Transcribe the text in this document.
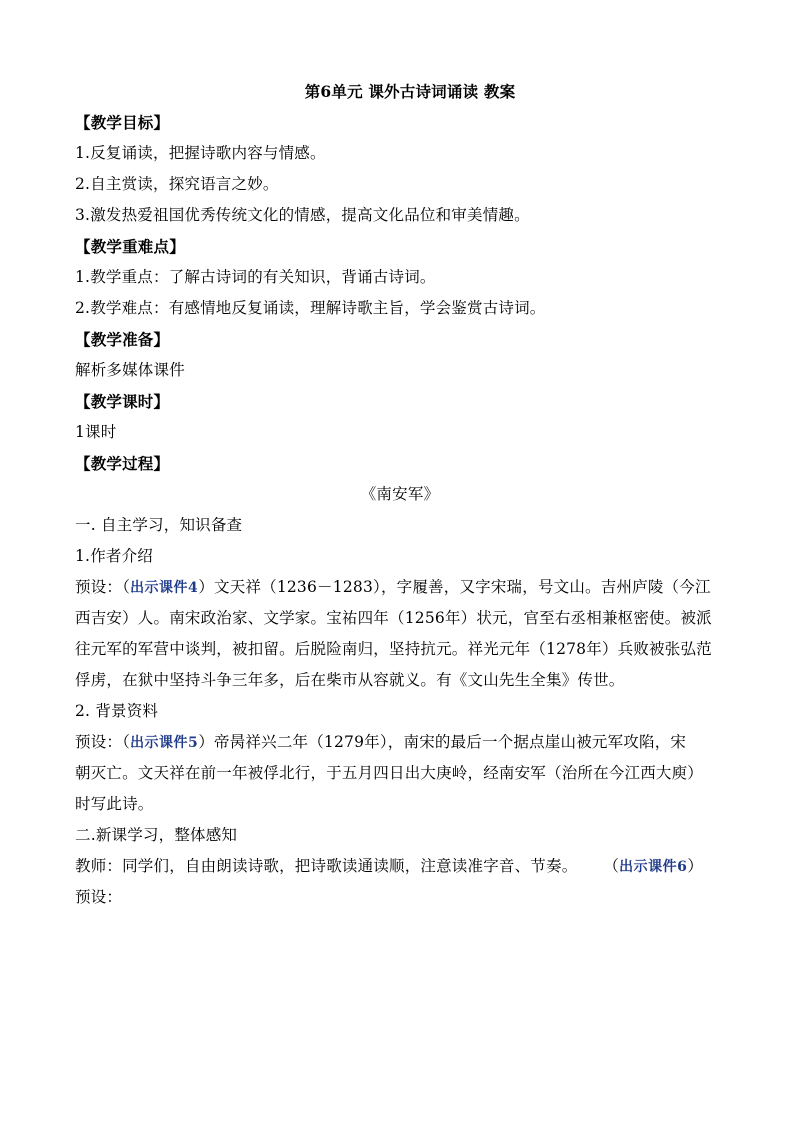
第6单元 课外古诗词诵读 教案
【教学目标】
1.反复诵读，把握诗歌内容与情感。
2.自主赏读，探究语言之妙。
3.激发热爱祖国优秀传统文化的情感，提高文化品位和审美情趣。
【教学重难点】
1.教学重点：了解古诗词的有关知识，背诵古诗词。
2.教学难点：有感情地反复诵读，理解诗歌主旨，学会鉴赏古诗词。
【教学准备】
解析多媒体课件
【教学课时】
1课时
【教学过程】
《南安军》
一. 自主学习，知识备查
1.作者介绍
预设：（出示课件4）文天祥（1236－1283），字履善，又字宋瑞，号文山。吉州庐陵（今江
西吉安）人。南宋政治家、文学家。宝祐四年（1256年）状元，官至右丞相兼枢密使。被派
往元军的军营中谈判，被扣留。后脱险南归，坚持抗元。祥光元年（1278年）兵败被张弘范
俘虏，在狱中坚持斗争三年多，后在柴市从容就义。有《文山先生全集》传世。
2. 背景资料
预设：（出示课件5）帝昺祥兴二年（1279年），南宋的最后一个据点崖山被元军攻陷，宋
朝灭亡。文天祥在前一年被俘北行，于五月四日出大庚岭，经南安军（治所在今江西大庾）
时写此诗。
二.新课学习，整体感知
教师：同学们，自由朗读诗歌，把诗歌读通读顺，注意读准字音、节奏。 （出示课件6）
预设：
